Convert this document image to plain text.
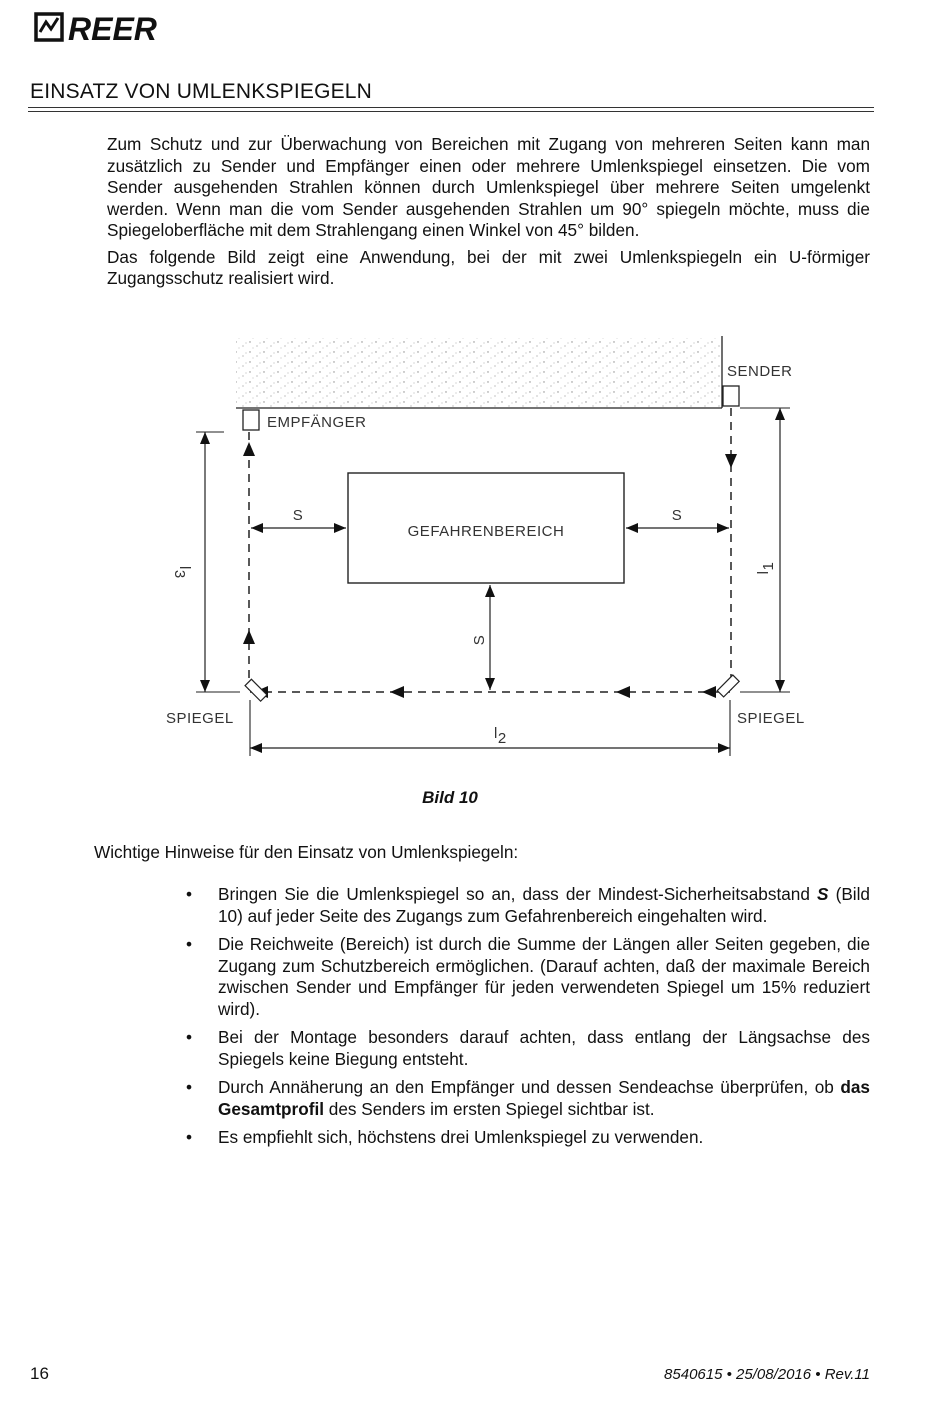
REER
EINSATZ VON UMLENKSPIEGELN

Zum Schutz und zur Überwachung von Bereichen mit Zugang von mehreren Seiten kann man zusätzlich zu Sender und Empfänger einen oder mehrere Umlenkspiegel einsetzen. Die vom Sender ausgehenden Strahlen können durch Umlenkspiegel über mehrere Seiten umgelenkt werden. Wenn man die vom Sender ausgehenden Strahlen um 90° spiegeln möchte, muss die Spiegeloberfläche mit dem Strahlengang einen Winkel von 45° bilden.

Das folgende Bild zeigt eine Anwendung, bei der mit zwei Umlenkspiegeln ein U-förmiger Zugangsschutz realisiert wird.

SENDER
EMPFÄNGER
GEFAHRENBEREICH
SPIEGEL	SPIEGEL
S	S
S
l3	l1
l2
Bild 10
Wichtige Hinweise für den Einsatz von Umlenkspiegeln:
• Bringen Sie die Umlenkspiegel so an, dass der Mindest-Sicherheitsabstand S (Bild 10) auf jeder Seite des Zugangs zum Gefahrenbereich eingehalten wird.
• Die Reichweite (Bereich) ist durch die Summe der Längen aller Seiten gegeben, die Zugang zum Schutzbereich ermöglichen. (Darauf achten, daß der maximale Bereich zwischen Sender und Empfänger für jeden verwendeten Spiegel um 15% reduziert wird).
• Bei der Montage besonders darauf achten, dass entlang der Längsachse des Spiegels keine Biegung entsteht.
• Durch Annäherung an den Empfänger und dessen Sendeachse überprüfen, ob das Gesamtprofil des Senders im ersten Spiegel sichtbar ist.
• Es empfiehlt sich, höchstens drei Umlenkspiegel zu verwenden.
16	8540615 • 25/08/2016 • Rev.11
